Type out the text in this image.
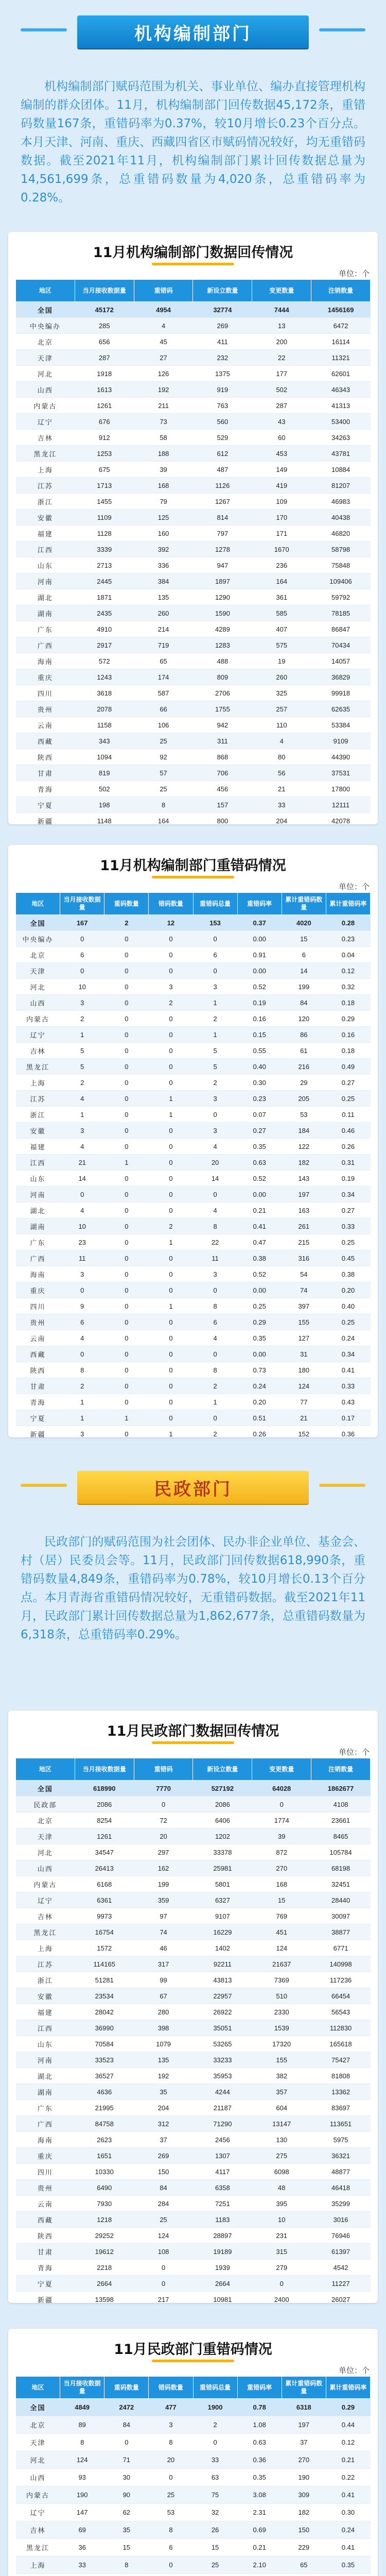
机构编制部门

机构编制部门赋码范围为机关、事业单位、编办直接管理机构编制的群众团体。11月，机构编制部门回传数据45,172条，重错码数量167条，重错码率为0.37%，较10月增长0.23个百分点。本月天津、河南、重庆、西藏四省区市赋码情况较好，均无重错码数据。截至2021年11月，机构编制部门累计回传数据总量为14,561,699条，总重错码数量为4,020条，总重错码率为0.28%。

11月机构编制部门数据回传情况
单位：个
地区	当月接收数据量	重错码	新设立数量	变更数量	注销数量
全国	45172	4954	32774	7444	1456169
中央编办	285	4	269	13	6472
北京	656	45	411	200	16114
天津	287	27	232	22	11321
河北	1918	126	1375	177	62601
山西	1613	192	919	502	46343
内蒙古	1261	211	763	287	41313
辽宁	676	73	560	43	53400
吉林	912	58	529	60	34263
黑龙江	1253	188	612	453	43781
上海	675	39	487	149	10884
江苏	1713	168	1126	419	81207
浙江	1455	79	1267	109	46983
安徽	1109	125	814	170	40438
福建	1128	160	797	171	46820
江西	3339	392	1278	1670	58798
山东	2713	336	947	236	75848
河南	2445	384	1897	164	109406
湖北	1871	135	1290	361	59792
湖南	2435	260	1590	585	78185
广东	4910	214	4289	407	86847
广西	2917	719	1283	575	70434
海南	572	65	488	19	14057
重庆	1243	174	809	260	36829
四川	3618	587	2706	325	99918
贵州	2078	66	1755	257	62635
云南	1158	106	942	110	53384
西藏	343	25	311	4	9109
陕西	1094	92	868	80	44390
甘肃	819	57	706	56	37531
青海	502	25	456	21	17800
宁夏	198	8	157	33	12111
新疆	1148	164	800	204	42078
11月机构编制部门重错码情况
单位：个
地区	当月接收数据量	重码数量	错码数量	重错码总量	重错码率	累计重错码数量	累计重错码率
全国	167	2	12	153	0.37	4020	0.28
中央编办	0	0	0	0	0.00	15	0.23
北京	6	0	0	6	0.91	6	0.04
天津	0	0	0	0	0.00	14	0.12
河北	10	0	3	3	0.52	199	0.32
山西	3	0	2	1	0.19	84	0.18
内蒙古	2	0	0	2	0.16	120	0.29
辽宁	1	0	0	1	0.15	86	0.16
吉林	5	0	0	5	0.55	61	0.18
黑龙江	5	0	0	5	0.40	216	0.49
上海	2	0	0	2	0.30	29	0.27
江苏	4	0	1	3	0.23	205	0.25
浙江	1	0	1	0	0.07	53	0.11
安徽	3	0	0	3	0.27	184	0.46
福建	4	0	0	4	0.35	122	0.26
江西	21	1	0	20	0.63	182	0.31
山东	14	0	0	14	0.52	143	0.19
河南	0	0	0	0	0.00	197	0.34
湖北	4	0	0	4	0.21	163	0.27
湖南	10	0	2	8	0.41	261	0.33
广东	23	0	1	22	0.47	215	0.25
广西	11	0	0	11	0.38	316	0.45
海南	3	0	0	3	0.52	54	0.38
重庆	0	0	0	0	0.00	74	0.20
四川	9	0	1	8	0.25	397	0.40
贵州	6	0	0	6	0.29	155	0.25
云南	4	0	0	4	0.35	127	0.24
西藏	0	0	0	0	0.00	31	0.34
陕西	8	0	0	8	0.73	180	0.41
甘肃	2	0	0	2	0.24	124	0.33
青海	1	0	0	1	0.20	77	0.43
宁夏	1	1	0	0	0.51	21	0.17
新疆	3	0	1	2	0.26	152	0.36
民政部门

民政部门的赋码范围为社会团体、民办非企业单位、基金会、村（居）民委员会等。11月，民政部门回传数据618,990条，重错码数量4,849条，重错码率为0.78%，较10月增长0.13个百分点。本月青海省重错码情况较好，无重错码数据。截至2021年11月，民政部门累计回传数据总量为1,862,677条，总重错码数量为6,318条，总重错码率0.29%。

11月民政部门数据回传情况
单位：个
地区	当月接收数据量	重错码	新设立数量	变更数量	注销数量
全国	618990	7770	527192	64028	1862677
民政部	2086	0	2086	0	4108
北京	8254	72	6406	1774	23661
天津	1261	20	1202	39	8465
河北	34547	297	33378	872	105784
山西	26413	162	25981	270	68198
内蒙古	6168	199	5801	168	32451
辽宁	6361	359	6327	15	28440
吉林	9973	97	9107	769	30097
黑龙江	16754	74	16229	451	38877
上海	1572	46	1402	124	6771
江苏	114165	317	92211	21637	140998
浙江	51281	99	43813	7369	117236
安徽	23534	67	22957	510	66454
福建	28042	280	26922	2330	56543
江西	36990	398	35051	1539	112830
山东	70584	1079	53265	17320	165618
河南	33523	135	33233	155	75427
湖北	36527	192	35953	382	81808
湖南	4636	35	4244	357	13362
广东	21995	204	21187	604	83697
广西	84758	312	71290	13147	113651
海南	2623	37	2456	130	5975
重庆	1651	269	1307	275	36321
四川	10330	150	4117	6098	48877
贵州	6490	84	6358	48	46418
云南	7930	284	7251	395	35299
西藏	1218	25	1183	10	3016
陕西	29252	124	28897	231	76946
甘肃	19612	108	19189	315	61397
青海	2218	0	1939	279	4542
宁夏	2664	0	2664	0	11227
新疆	13598	217	10981	2400	26027
11月民政部门重错码情况
单位：个
地区	当月接收数据量	重码数量	错码数量	重错码总量	重错码率	累计重错码数量	累计重错码率
全国	4849	2472	477	1900	0.78	6318	0.29
北京	89	84	3	2	1.08	197	0.44
天津	8	0	8	0	0.63	37	0.12
河北	124	71	20	33	0.36	270	0.21
山西	93	30	0	63	0.35	190	0.22
内蒙古	190	90	25	75	3.08	309	0.41
辽宁	147	62	53	32	2.31	182	0.30
吉林	69	35	8	26	0.69	150	0.24
黑龙江	36	15	6	15	0.21	229	0.41
上海	33	8	0	25	2.10	65	0.35
